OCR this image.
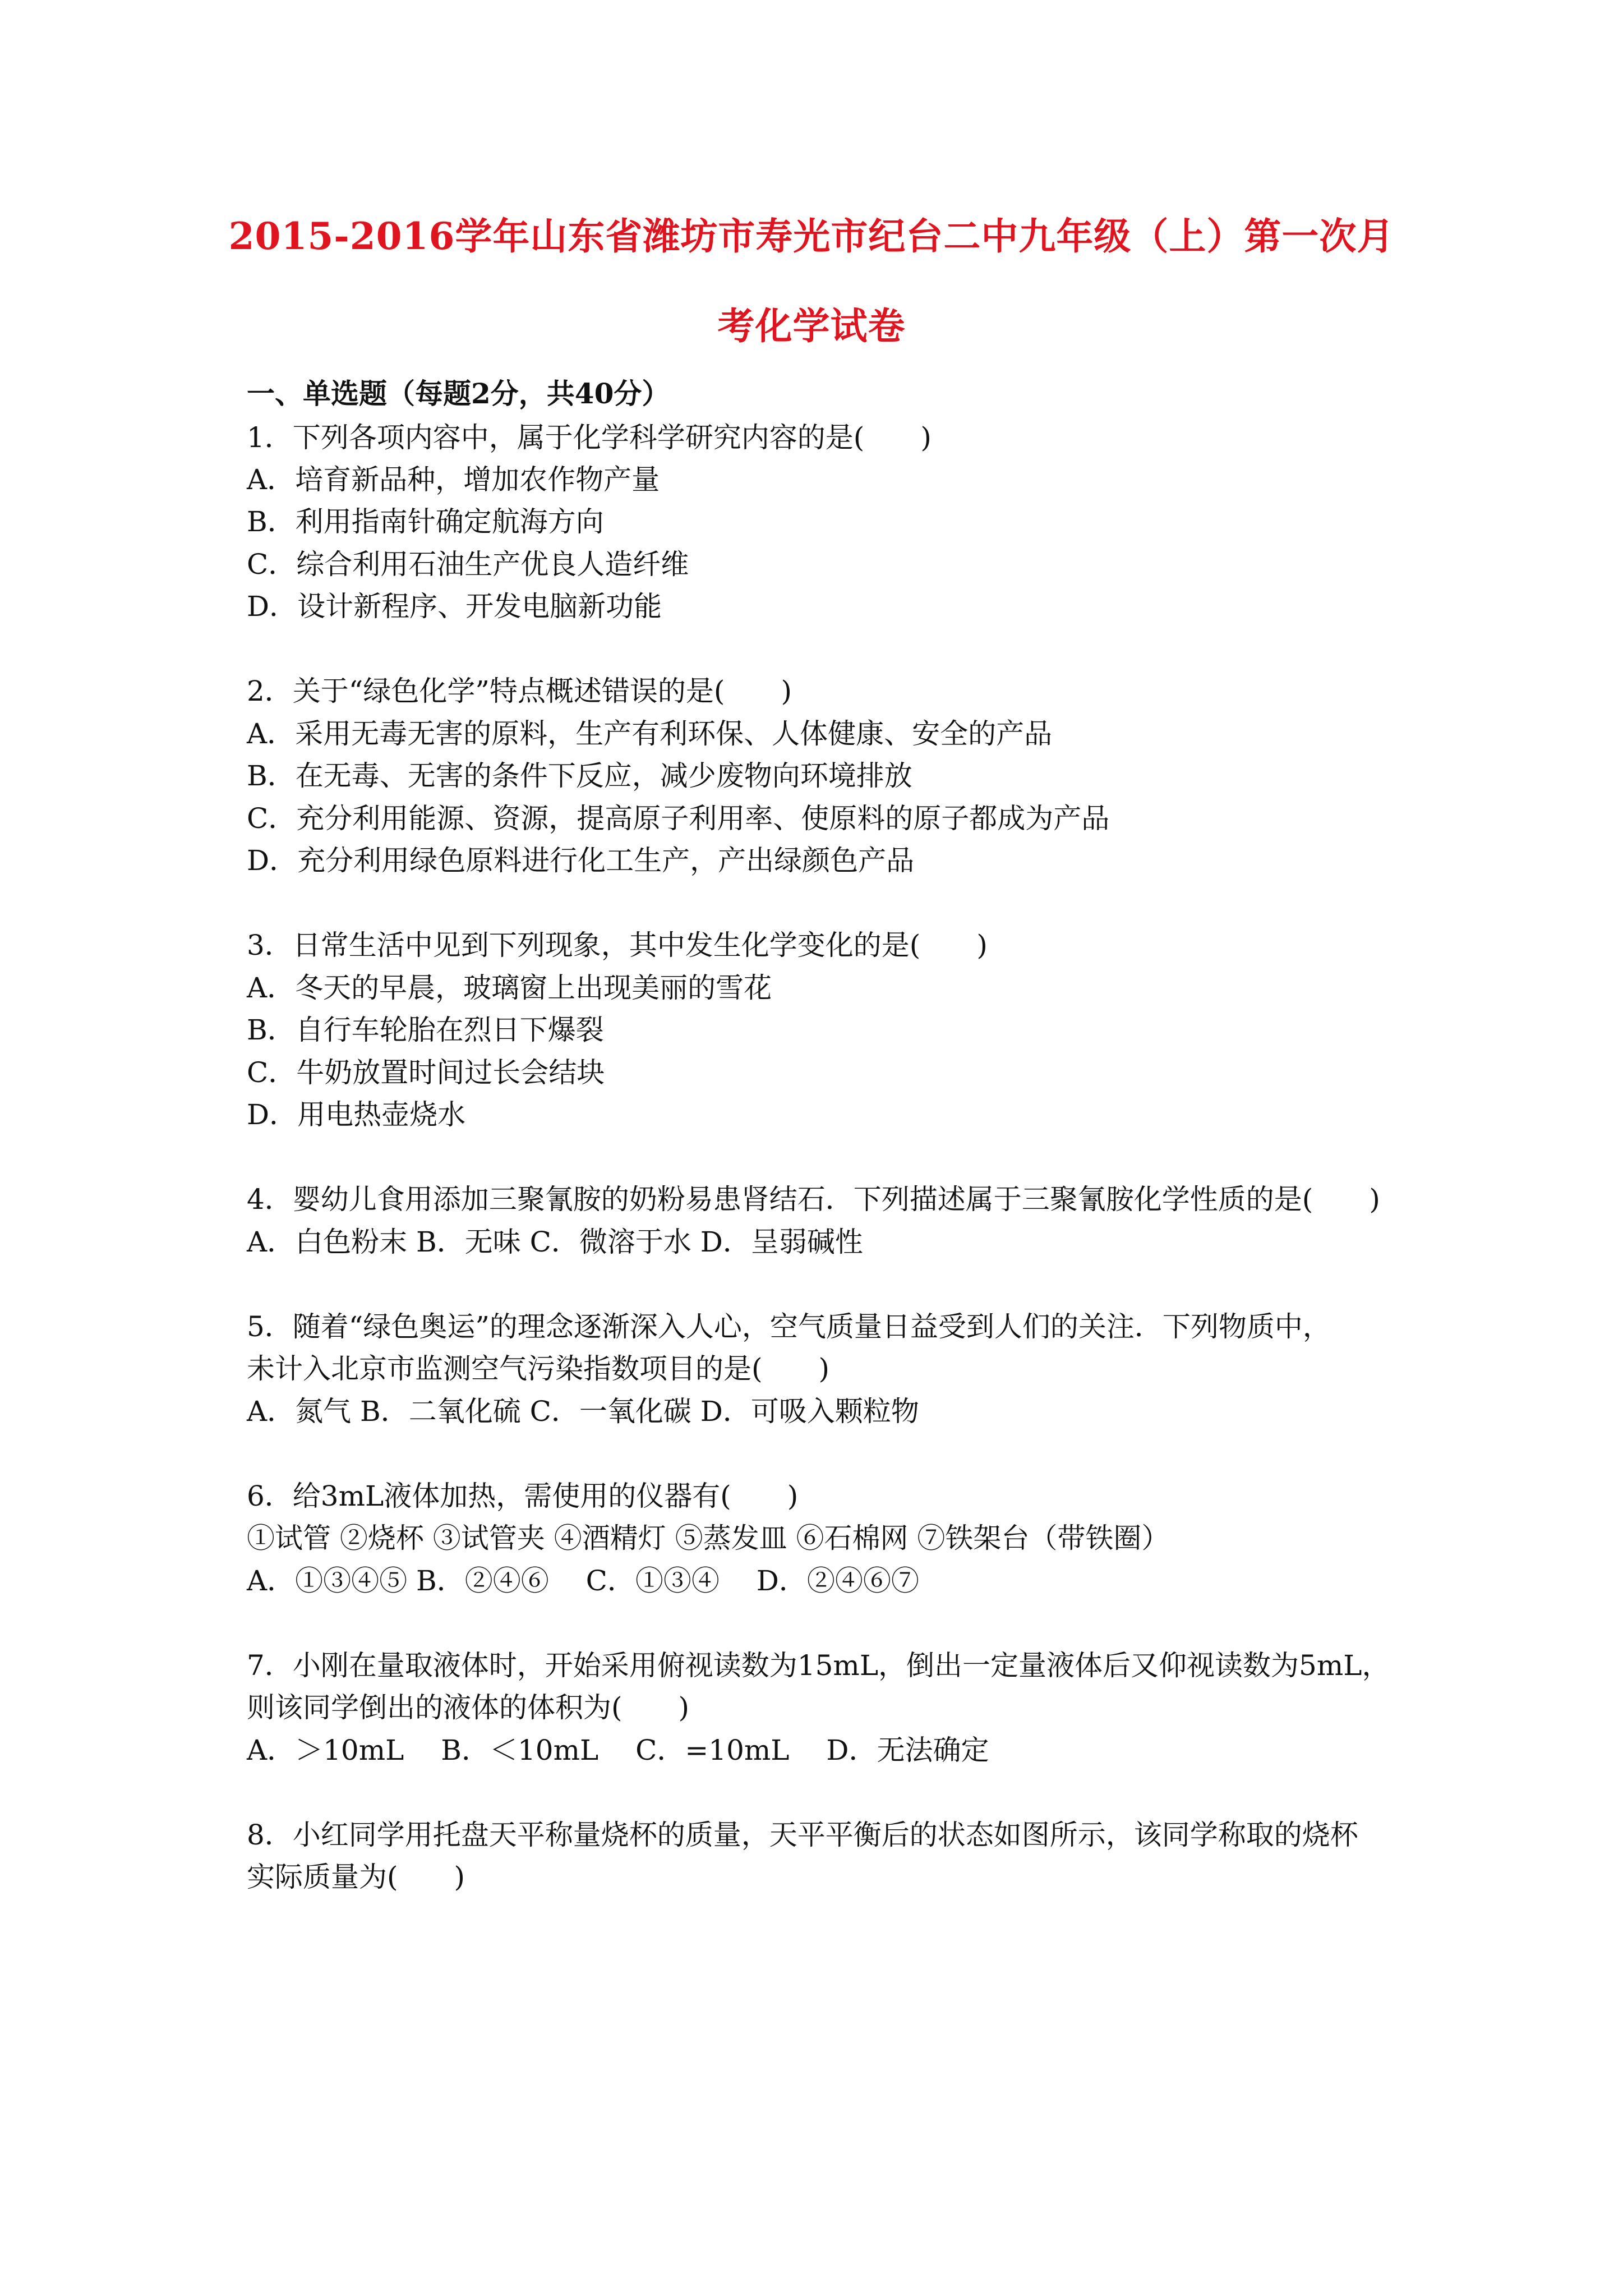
2015-2016学年山东省潍坊市寿光市纪台二中九年级（上）第一次月
考化学试卷
一、单选题（每题2分，共40分）
1．下列各项内容中，属于化学科学研究内容的是(　　)
A．培育新品种，增加农作物产量
B．利用指南针确定航海方向
C．综合利用石油生产优良人造纤维
D．设计新程序、开发电脑新功能
2．关于“绿色化学”特点概述错误的是(　　)
A．采用无毒无害的原料，生产有利环保、人体健康、安全的产品
B．在无毒、无害的条件下反应，减少废物向环境排放
C．充分利用能源、资源，提高原子利用率、使原料的原子都成为产品
D．充分利用绿色原料进行化工生产，产出绿颜色产品
3．日常生活中见到下列现象，其中发生化学变化的是(　　)
A．冬天的早晨，玻璃窗上出现美丽的雪花
B．自行车轮胎在烈日下爆裂
C．牛奶放置时间过长会结块
D．用电热壶烧水
4．婴幼儿食用添加三聚氰胺的奶粉易患肾结石．下列描述属于三聚氰胺化学性质的是(　　)
A．白色粉末 B．无味 C．微溶于水 D．呈弱碱性
5．随着“绿色奥运”的理念逐渐深入人心，空气质量日益受到人们的关注．下列物质中，
未计入北京市监测空气污染指数项目的是(　　)
A．氮气 B．二氧化硫 C．一氧化碳 D．可吸入颗粒物
6．给3mL液体加热，需使用的仪器有(　　)
①试管 ②烧杯 ③试管夹 ④酒精灯 ⑤蒸发皿 ⑥石棉网 ⑦铁架台（带铁圈）
A．①③④⑤ B．②④⑥　 C．①③④　 D．②④⑥⑦
7．小刚在量取液体时，开始采用俯视读数为15mL，倒出一定量液体后又仰视读数为5mL，
则该同学倒出的液体的体积为(　　)
A．＞10mL　 B．＜10mL　 C．=10mL　 D．无法确定
8．小红同学用托盘天平称量烧杯的质量，天平平衡后的状态如图所示，该同学称取的烧杯
实际质量为(　　)
